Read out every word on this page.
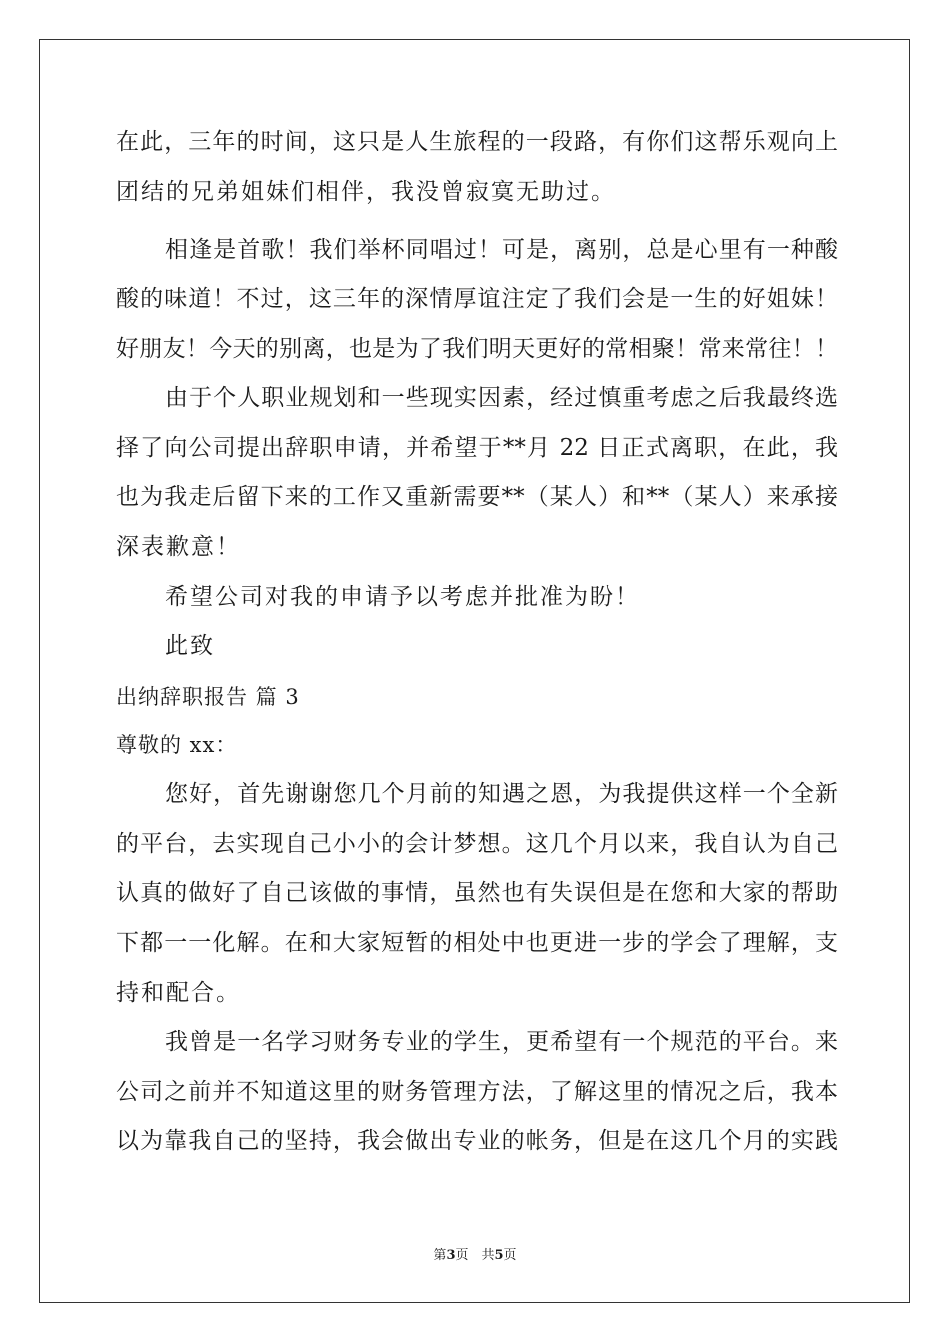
在此，三年的时间，这只是人生旅程的一段路，有你们这帮乐观向上
团结的兄弟姐妹们相伴，我没曾寂寞无助过。
相逢是首歌！我们举杯同唱过！可是，离别，总是心里有一种酸
酸的味道！不过，这三年的深情厚谊注定了我们会是一生的好姐妹！
好朋友！今天的别离，也是为了我们明天更好的常相聚！常来常往！！
由于个人职业规划和一些现实因素，经过慎重考虑之后我最终选
择了向公司提出辞职申请，并希望于**月 22 日正式离职，在此，我
也为我走后留下来的工作又重新需要**（某人）和**（某人）来承接
深表歉意！
希望公司对我的申请予以考虑并批准为盼！
此致
出纳辞职报告 篇 3
尊敬的 xx：
您好，首先谢谢您几个月前的知遇之恩，为我提供这样一个全新
的平台，去实现自己小小的会计梦想。这几个月以来，我自认为自己
认真的做好了自己该做的事情，虽然也有失误但是在您和大家的帮助
下都一一化解。在和大家短暂的相处中也更进一步的学会了理解，支
持和配合。
我曾是一名学习财务专业的学生，更希望有一个规范的平台。来
公司之前并不知道这里的财务管理方法，了解这里的情况之后，我本
以为靠我自己的坚持，我会做出专业的帐务，但是在这几个月的实践
第3页　共5页
